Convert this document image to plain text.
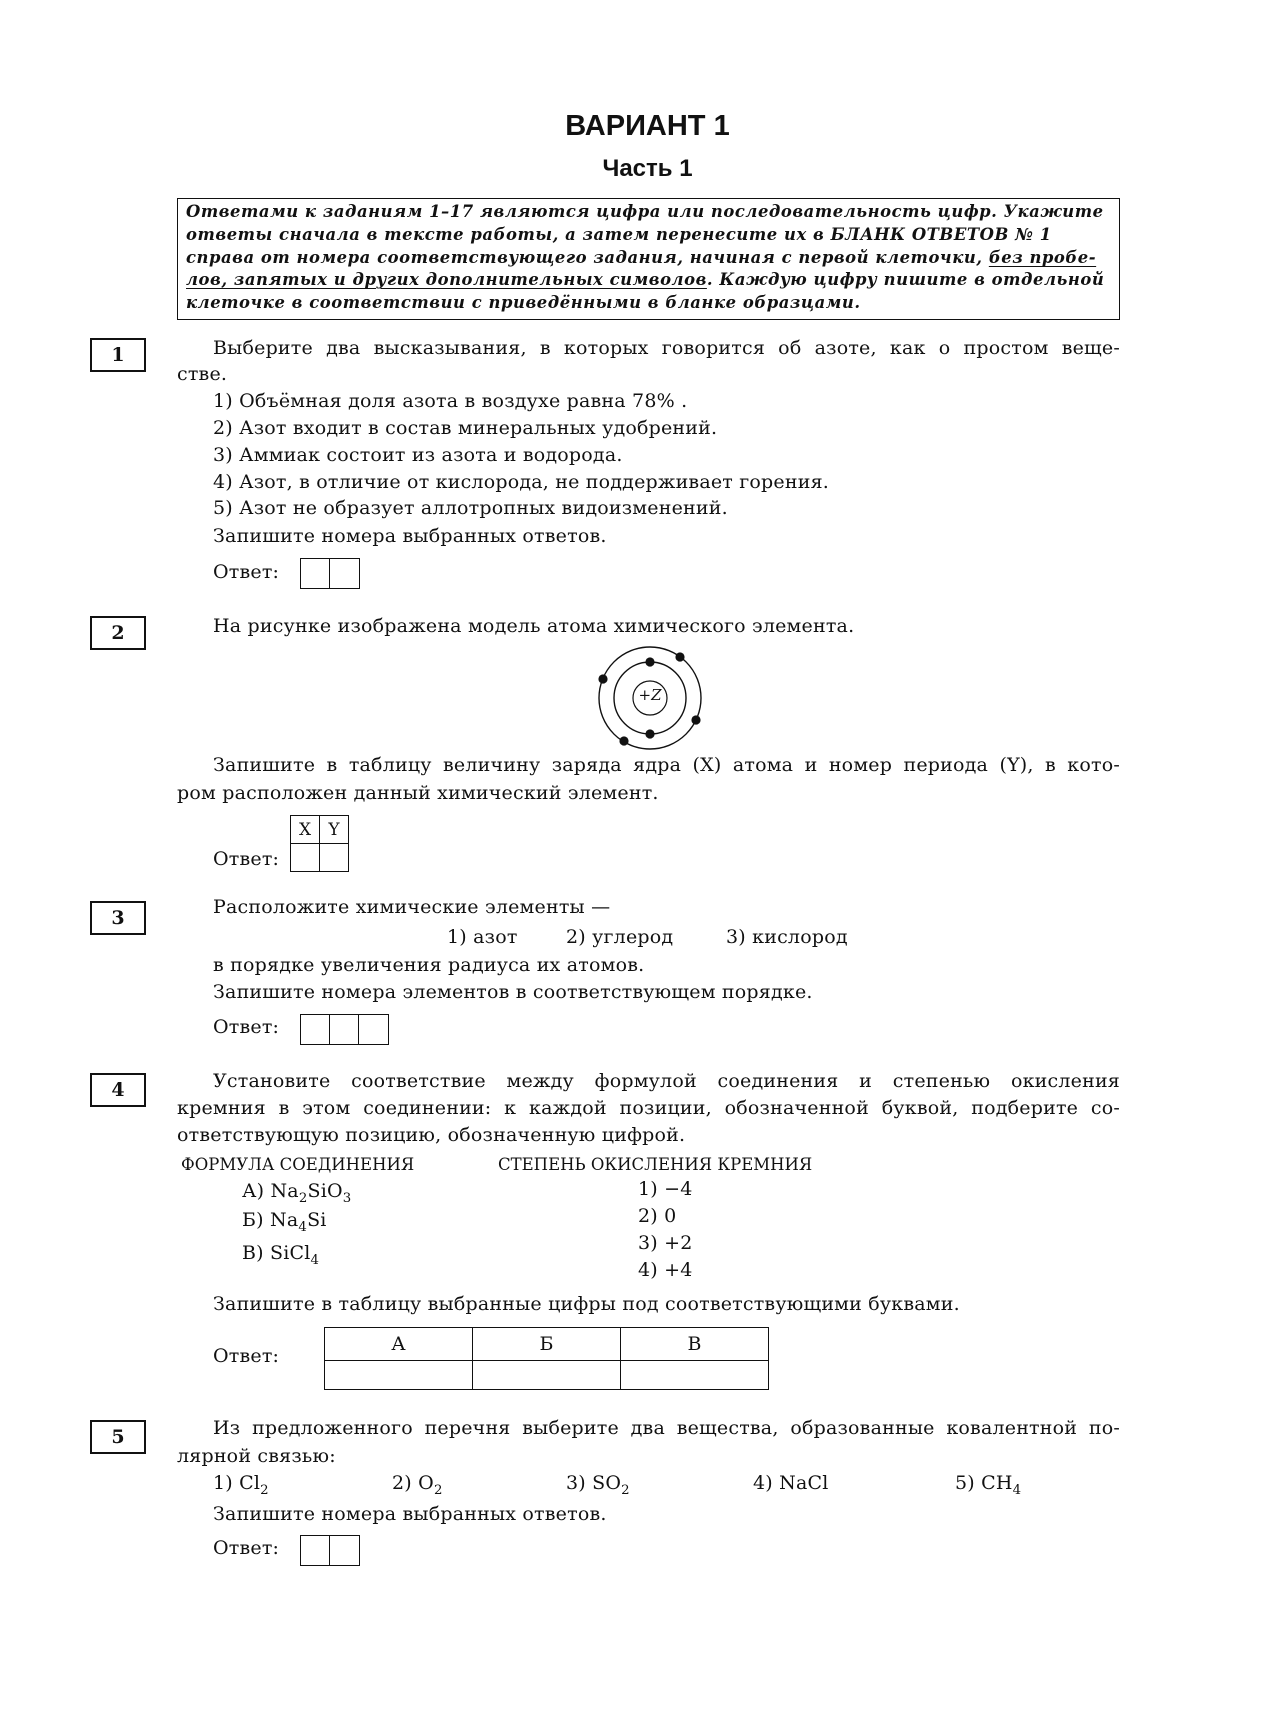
ВАРИАНТ 1
Часть 1
Ответами к заданиям 1–17 являются цифра или последовательность цифр. Укажите
ответы сначала в тексте работы, а затем перенесите их в БЛАНК ОТВЕТОВ № 1
справа от номера соответствующего задания, начиная с первой клеточки, без пробе-
лов, запятых и других дополнительных символов. Каждую цифру пишите в отдельной
клеточке в соответствии с приведёнными в бланке образцами.
1	Выберите два высказывания, в которых говорится об азоте, как о простом веще-
стве.
1) Объёмная доля азота в воздухе равна 78% .
2) Азот входит в состав минеральных удобрений.
3) Аммиак состоит из азота и водорода.
4) Азот, в отличие от кислорода, не поддерживает горения.
5) Азот не образует аллотропных видоизменений.
Запишите номера выбранных ответов.
Ответ:
2	На рисунке изображена модель атома химического элемента.
+Z
Запишите в таблицу величину заряда ядра (X) атома и номер периода (Y), в кото-
ром расположен данный химический элемент.
Ответ:
X	Y

3	Расположите химические элементы —
1) азот	2) углерод	3) кислород
в порядке увеличения радиуса их атомов.
Запишите номера элементов в соответствующем порядке.
Ответ:
4	Установите соответствие между формулой соединения и степенью окисления
кремния в этом соединении: к каждой позиции, обозначенной буквой, подберите со-
ответствующую позицию, обозначенную цифрой.
ФОРМУЛА СОЕДИНЕНИЯ	СТЕПЕНЬ ОКИСЛЕНИЯ КРЕМНИЯ
А) $Na_2SiO_3$
Б) $Na_4Si$
В) SiCl$_4$
1) −4
2) 0
3) +2
4) +4
Запишите в таблицу выбранные цифры под соответствующими буквами.
Ответ:
А	Б	В

5	Из предложенного перечня выберите два вещества, образованные ковалентной по-
лярной связью:
1) $Cl_2$	2) $O_2$	3) $SO_2$	4) NaCl	5) $CH_4$
Запишите номера выбранных ответов.
Ответ:
